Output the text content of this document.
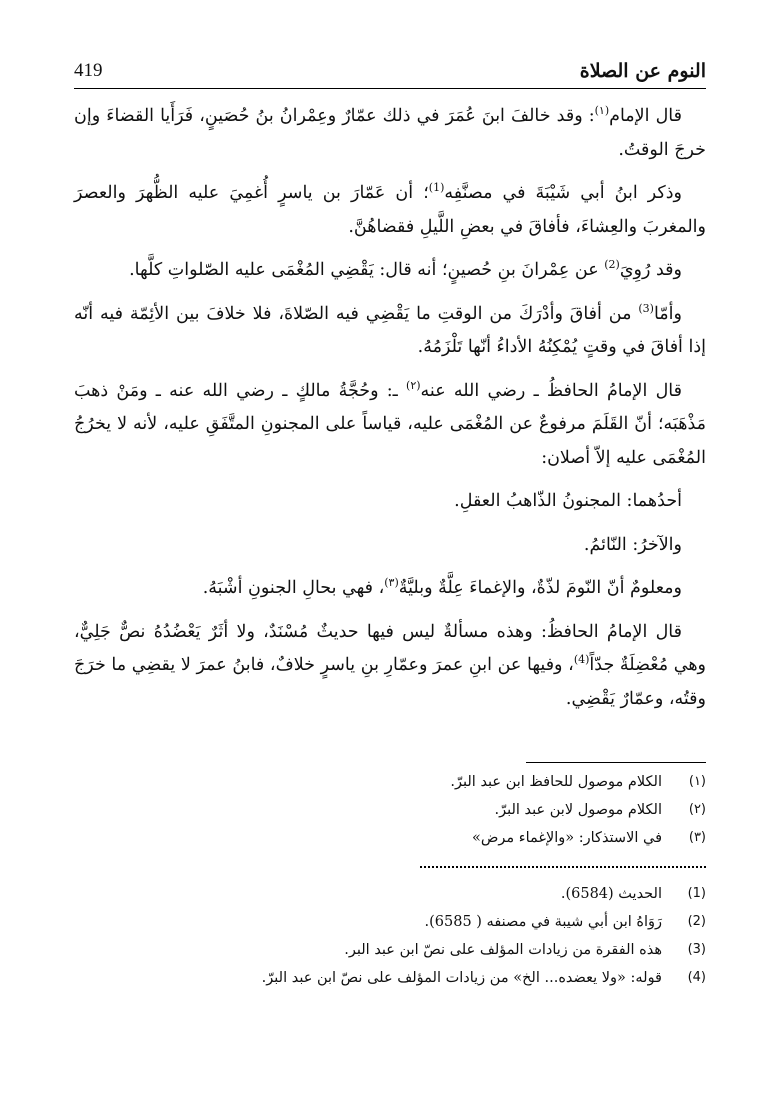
النوم عن الصلاة
419

قال الإمام$^{(١)}$: وقد خالفَ ابنَ عُمَرَ في ذلك عمّارٌ وعِمْرانُ بنُ حُصَينٍ، فَرَأَيا القضاءَ وإن خرجَ الوقتُ.

وذكر ابنُ أبي شَيْبَةَ في مصنَّفِه$^{(1)}$؛ أن عَمّارَ بن ياسرٍ أُغمِيَ عليه الظُّهرَ والعصرَ والمغربَ والعِشاءَ، فأفاقَ في بعضِ اللَّيلِ فقضاهُنَّ.

وقد رُوِيَ$^{(2)}$ عن عِمْرانَ بنِ حُصينٍ؛ أنه قال: يَقْضِي المُغْمَى عليه الصّلواتِ كلَّها.

وأمّا$^{(3)}$ من أفاقَ وأدْرَكَ من الوقتِ ما يَقْضِي فيه الصّلاةَ، فلا خلافَ بين الأئِمّة فيه أنّه إذا أفاقَ في وقتٍ يُمْكِنُهُ الأداءُ أنّها تَلْزَمُهُ.

قال الإمامُ الحافظُ ـ رضي الله عنه$^{(٢)}$ ـ: وحُجَّةُ مالكٍ ـ رضي الله عنه ـ ومَنْ ذهبَ مَذْهَبَه؛ أنّ القَلَمَ مرفوعٌ عن المُغْمَى عليه، قياساً على المجنونِ المتَّفَقِ عليه، لأنه لا يخرُجُ المُغْمَى عليه إلاّ أصلان:

أحدُهما: المجنونُ الذّاهبُ العقلِ.

والآخرُ: النّائمُ.

ومعلومٌ أنّ النّومَ لذّةٌ، والإغماءَ عِلَّةٌ وبليَّةٌ$^{(٣)}$، فهي بحالِ الجنونِ أشْبَهُ.

قال الإمامُ الحافظُ: وهذه مسألةٌ ليس فيها حديثٌ مُسْنَدٌ، ولا أثَرٌ يَعْضُدُهُ نصٌّ جَلِيٌّ، وهي مُعْضِلَةٌ جدّاً$^{(4)}$، وفيها عن ابنِ عمرَ وعمّارِ بنِ ياسرٍ خلافٌ، فابنُ عمرَ لا يقضِي ما خرَجَ وقتُه، وعمّارٌ يَقْضِي.

(١)
الكلام موصول للحافظ ابن عبد البرّ.
(٢)
الكلام موصول لابن عبد البرّ.
(٣)
في الاستذكار: «والإغماء مرض»
(1)
الحديث (6584).
(2)
رَوَاهُ ابن أبي شيبة في مصنفه ( 6585).
(3)
هذه الفقرة من زيادات المؤلف على نصّ ابن عبد البر.
(4)
قوله: «ولا يعضده... الخ» من زيادات المؤلف على نصّ ابن عبد البرّ.
